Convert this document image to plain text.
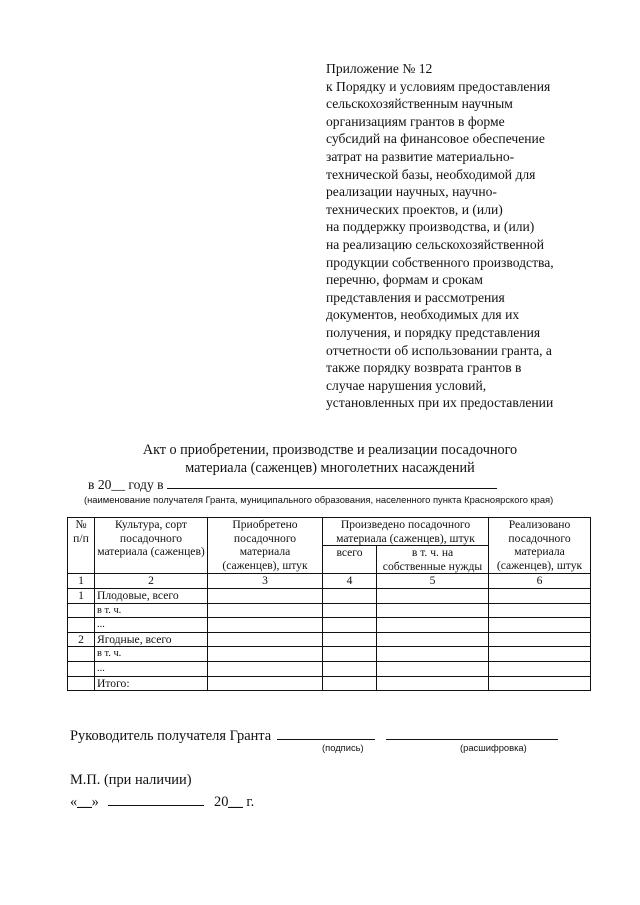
Приложение № 12
к Порядку и условиям предоставления
сельскохозяйственным научным
организациям грантов в форме
субсидий на финансовое обеспечение
затрат на развитие материально-
технической базы, необходимой для
реализации научных, научно-
технических проектов, и (или)
на поддержку производства, и (или)
на реализацию сельскохозяйственной
продукции собственного производства,
перечню, формам и срокам
представления и рассмотрения
документов, необходимых для их
получения, и порядку представления
отчетности об использовании гранта, а
также порядку возврата грантов в
случае нарушения условий,
установленных при их предоставлении
Акт о приобретении, производстве и реализации посадочного
материала (саженцев) многолетних насаждений
в 20__ году в
(наименование получателя Гранта, муниципального образования, населенного пункта Красноярского края)
№ п/п	Культура, сорт посадочного материала (саженцев)	Приобретено посадочного материала (саженцев), штук	Произведено посадочного материала (саженцев), штук		Реализовано посадочного материала (саженцев), штук
			всего	в т. ч. на собственные нужды	
1	2	3	4	5	6
1	Плодовые, всего				
	в т. ч.				
	...				
2	Ягодные, всего				
	в т. ч.				
	...				
	Итого:				
Руководитель получателя Гранта
(подпись)	(расшифровка)
М.П. (при наличии)
«__»	20__ г.
